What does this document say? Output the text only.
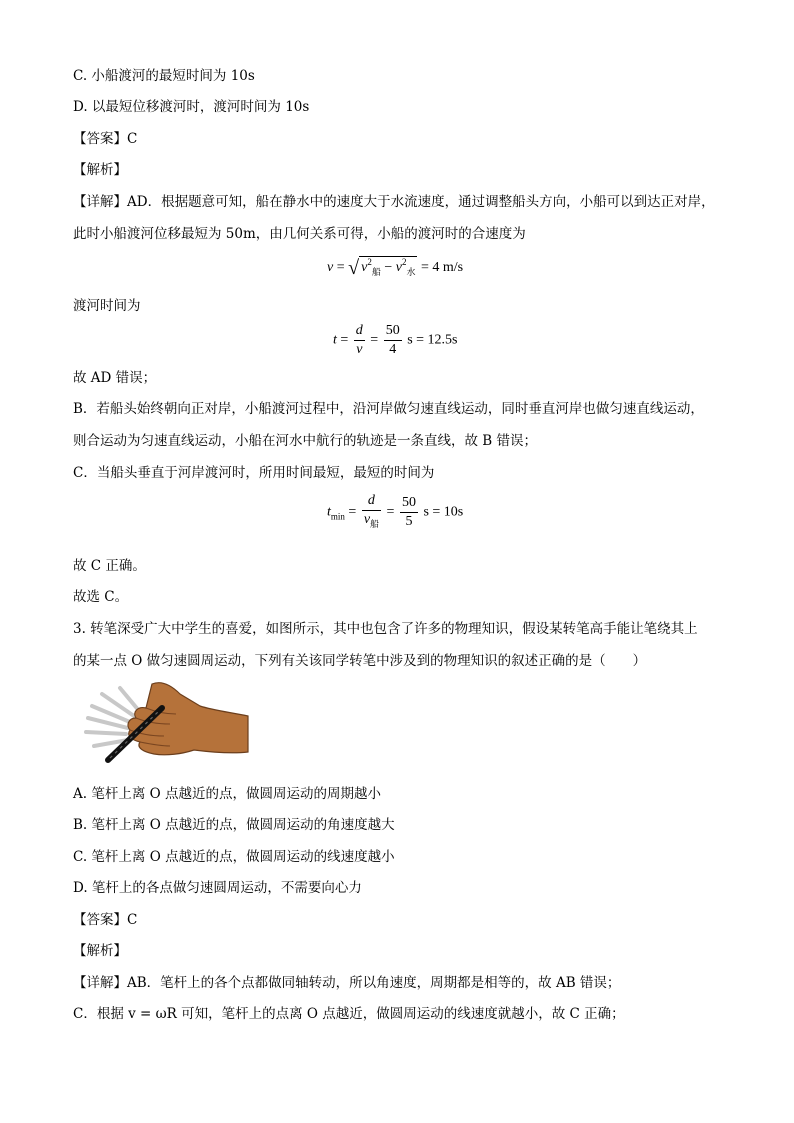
C. 小船渡河的最短时间为 10s
D. 以最短位移渡河时，渡河时间为 10s
【答案】C
【解析】
【详解】AD．根据题意可知，船在静水中的速度大于水流速度，通过调整船头方向，小船可以到达正对岸，
此时小船渡河位移最短为 50m，由几何关系可得，小船的渡河时的合速度为
v = √ $v^2_船 - v^2_水 = 4$ m/s
渡河时间为
$t = \frac{d}{v} = \frac{50}{4}$ s = 12.5s
故 AD 错误；
B．若船头始终朝向正对岸，小船渡河过程中，沿河岸做匀速直线运动，同时垂直河岸也做匀速直线运动，
则合运动为匀速直线运动，小船在河水中航行的轨迹是一条直线，故 B 错误；
C．当船头垂直于河岸渡河时，所用时间最短，最短的时间为
$t_{min} = \frac{d}{v_船} = \frac{50}{5}$ s = 10s
故 C 正确。
故选 C。
3. 转笔深受广大中学生的喜爱，如图所示，其中也包含了许多的物理知识，假设某转笔高手能让笔绕其上
的某一点 O 做匀速圆周运动，下列有关该同学转笔中涉及到的物理知识的叙述正确的是（　　）
A. 笔杆上离 O 点越近的点，做圆周运动的周期越小
B. 笔杆上离 O 点越近的点，做圆周运动的角速度越大
C. 笔杆上离 O 点越近的点，做圆周运动的线速度越小
D. 笔杆上的各点做匀速圆周运动，不需要向心力
【答案】C
【解析】
【详解】AB．笔杆上的各个点都做同轴转动，所以角速度，周期都是相等的，故 AB 错误；
C．根据 v = ωR 可知，笔杆上的点离 O 点越近，做圆周运动的线速度就越小，故 C 正确；
